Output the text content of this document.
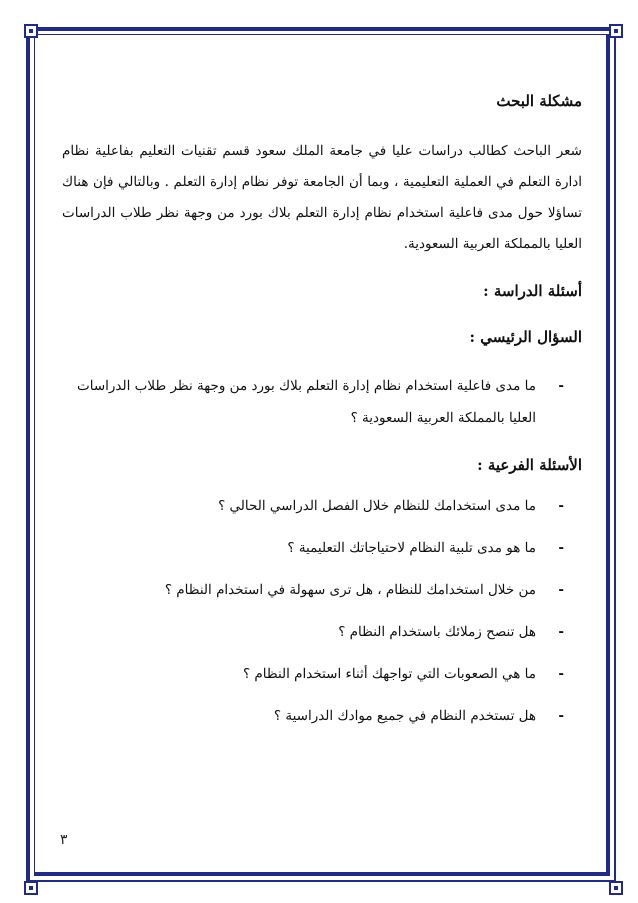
مشكلة البحث

شعر الباحث كطالب دراسات عليا في جامعة الملك سعود قسم تقنيات التعليم بفاعلية نظام ادارة التعلم في العملية التعليمية ، وبما أن الجامعة توفر نظام إدارة التعلم . وبالتالي فإن هناك تساؤلا حول مدى فاعلية استخدام نظام إدارة التعلم بلاك بورد من وجهة نظر طلاب الدراسات العليا بالمملكة العربية السعودية.

أسئلة الدراسة :
السؤال الرئيسي :

-
ما مدى فاعلية استخدام نظام إدارة التعلم بلاك بورد من وجهة نظر طلاب الدراسات العليا بالمملكة العربية السعودية ؟

الأسئلة الفرعية :
-
ما مدى استخدامك للنظام خلال الفصل الدراسي الحالي ؟
-
ما هو مدى تلبية النظام لاحتياجاتك التعليمية ؟
-
من خلال استخدامك للنظام ، هل ترى سهولة في استخدام النظام ؟
-
هل تنصح زملائك باستخدام النظام ؟
-
ما هي الصعوبات التي تواجهك أثناء استخدام النظام ؟
-
هل تستخدم النظام في جميع موادك الدراسية ؟
٣
